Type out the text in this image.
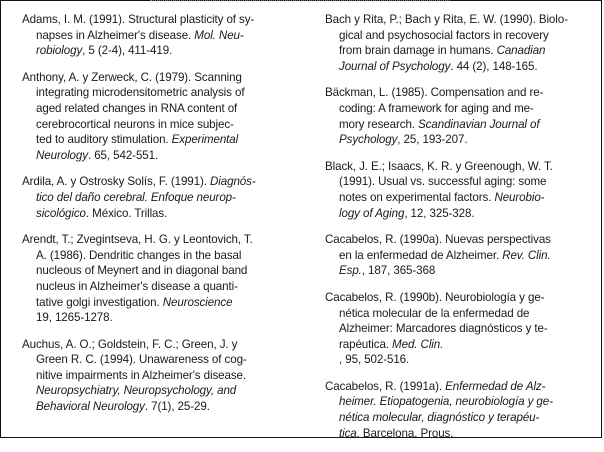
Adams, I. M. (1991). Structural plasticity of sy-
napses in Alzheimer's disease. Mol. Neu-
robiology, 5 (2-4), 411-419.

Anthony, A. y Zerweck, C. (1979). Scanning
integrating microdensitometric analysis of
aged related changes in RNA content of
cerebrocortical neurons in mice subjec-
ted to auditory stimulation. Experimental
Neurology. 65, 542-551.

Ardila, A. y Ostrosky Solís, F. (1991). Diagnós-
tico del daño cerebral. Enfoque neurop-
sicológico. México. Trillas.

Arendt, T.; Zvegintseva, H. G. y Leontovich, T.
A. (1986). Dendritic changes in the basal
nucleous of Meynert and in diagonal band
nucleus in Alzheimer's disease a quanti-
tative golgi investigation. Neuroscience
19, 1265-1278.

Auchus, A. O.; Goldstein, F. C.; Green, J. y
Green R. C. (1994). Unawareness of cog-
nitive impairments in Alzheimer's disease.
Neuropsychiatry, Neuropsychology, and
Behavioral Neurology. 7(1), 25-29.

Bach y Rita, P.; Bach y Rita, E. W. (1990). Biolo-
gical and psychosocial factors in recovery
from brain damage in humans. Canadian
Journal of Psychology. 44 (2), 148-165.

Bäckman, L. (1985). Compensation and re-
coding: A framework for aging and me-
mory research. Scandinavian Journal of
Psychology, 25, 193-207.

Black, J. E.; Isaacs, K. R. y Greenough, W. T.
(1991). Usual vs. successful aging: some
notes on experimental factors. Neurobio-
logy of Aging, 12, 325-328.

Cacabelos, R. (1990a). Nuevas perspectivas
en la enfermedad de Alzheimer. Rev. Clin.
Esp., 187, 365-368

Cacabelos, R. (1990b). Neurobiología y ge-
nética molecular de la enfermedad de
Alzheimer: Marcadores diagnósticos y te-
rapéutica. Med. Clin.
, 95, 502-516.

Cacabelos, R. (1991a). Enfermedad de Alz-
heimer. Etiopatogenia, neurobiología y ge-
nética molecular, diagnóstico y terapéu-
tica. Barcelona. Prous.
